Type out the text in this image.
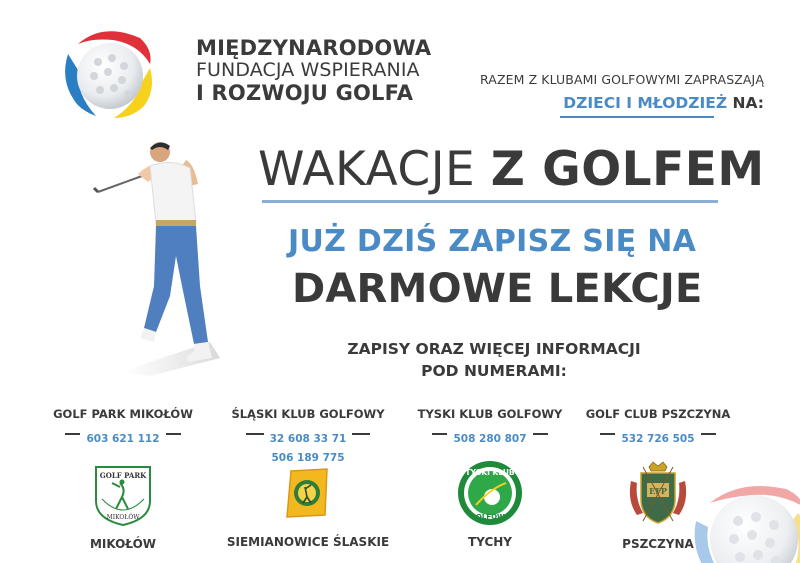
MIĘDZYNARODOWA
FUNDACJA WSPIERANIA
I ROZWOJU GOLFA
RAZEM Z KLUBAMI GOLFOWYMI ZAPRASZAJĄ
DZIECI I MŁODZIEŻ NA:
WAKACJE Z GOLFEM
JUŻ DZIŚ ZAPISZ SIĘ NA
DARMOWE LEKCJE
ZAPISY ORAZ WIĘCEJ INFORMACJI
POD NUMERAMI:
GOLF PARK MIKOŁÓW
603 621 112
GOLF PARK
MIKOŁÓW
MIKOŁÓW
ŚLĄSKI KLUB GOLFOWY
32 608 33 71
506 189 775
SIEMIANOWICE ŚLASKIE
TYSKI KLUB GOLFOWY
508 280 807
TYSKI KLUB
GOLFOWY
TYCHY
GOLF CLUB PSZCZYNA
532 726 505
EFP
PSZCZYNA
